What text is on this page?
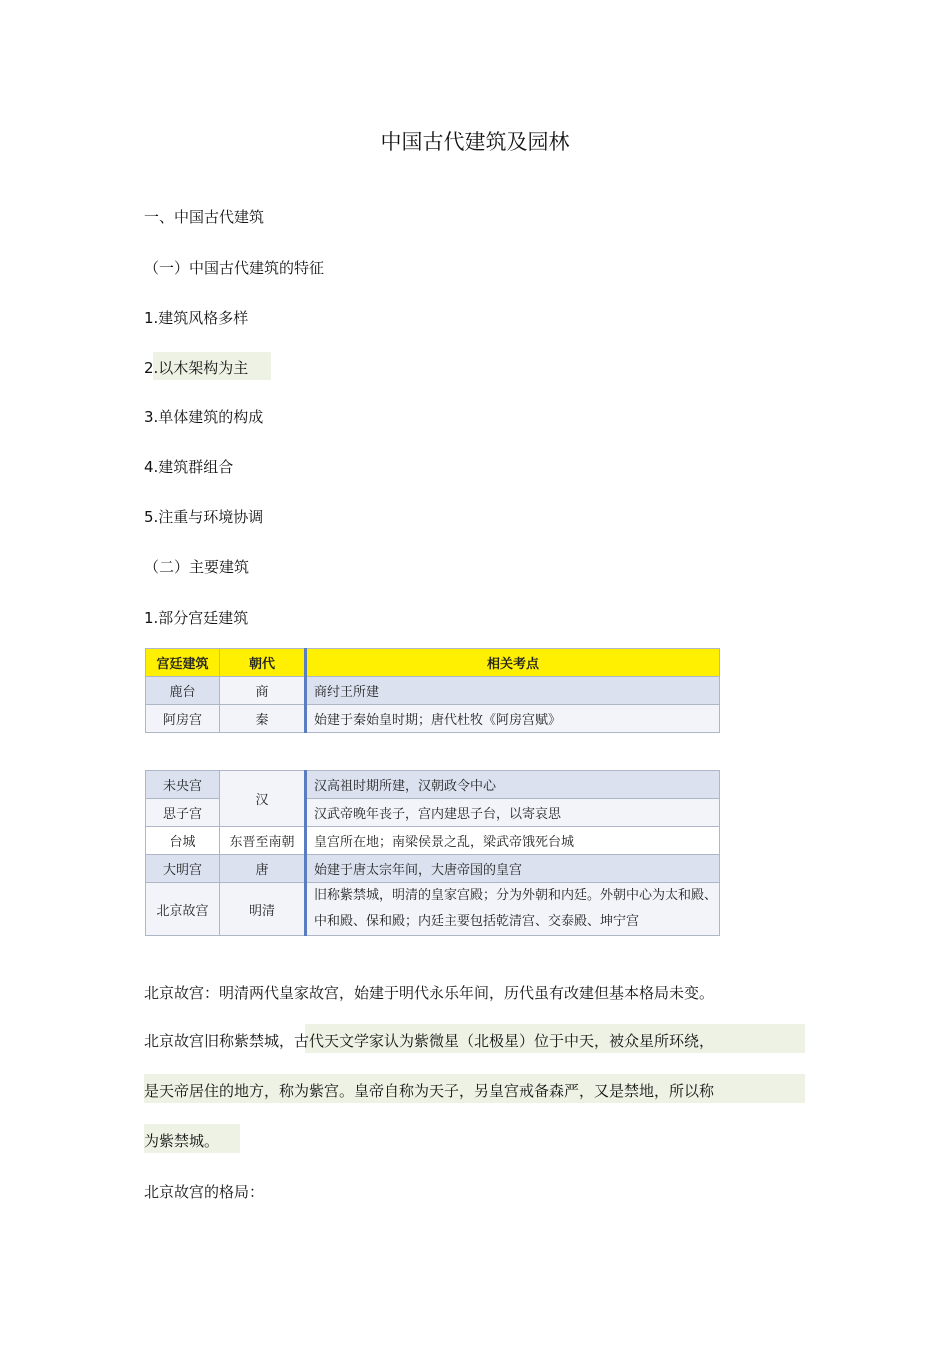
中国古代建筑及园林
一、中国古代建筑
（一）中国古代建筑的特征
1.建筑风格多样
2.以木架构为主
3.单体建筑的构成
4.建筑群组合
5.注重与环境协调
（二）主要建筑
1.部分宫廷建筑
宫廷建筑	朝代	相关考点
鹿台	商	商纣王所建
阿房宫	秦	始建于秦始皇时期；唐代杜牧《阿房宫赋》
未央宫	汉	汉高祖时期所建，汉朝政令中心
思子宫		汉武帝晚年丧子，宫内建思子台，以寄哀思
台城	东晋至南朝	皇宫所在地；南梁侯景之乱，梁武帝饿死台城
大明宫	唐	始建于唐太宗年间，大唐帝国的皇宫
北京故宫	明清	旧称紫禁城，明清的皇家宫殿；分为外朝和内廷。外朝中心为太和殿、中和殿、保和殿；内廷主要包括乾清宫、交泰殿、坤宁宫
北京故宫：明清两代皇家故宫，始建于明代永乐年间，历代虽有改建但基本格局未变。
北京故宫旧称紫禁城，古代天文学家认为紫微星（北极星）位于中天，被众星所环绕，
是天帝居住的地方，称为紫宫。皇帝自称为天子，另皇宫戒备森严，又是禁地，所以称
为紫禁城。
北京故宫的格局：
